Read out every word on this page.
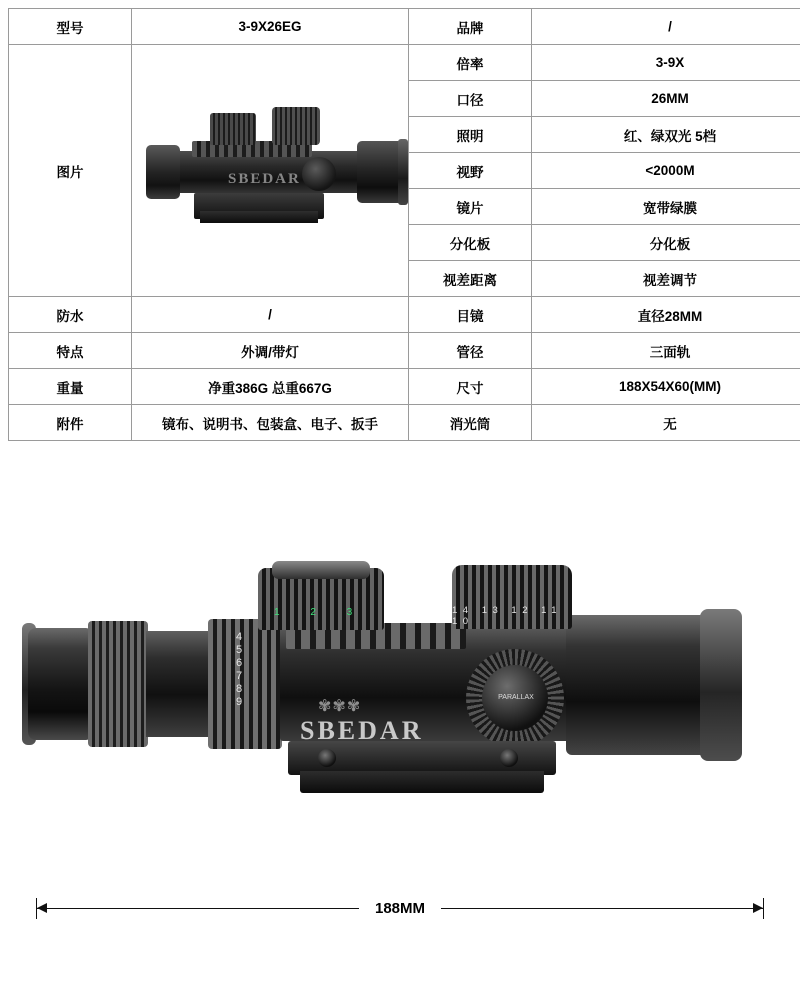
型号	3-9X26EG	品牌	/
图片	SBEDAR	倍率	3-9X
		口径	26MM
		照明	红、绿双光 5档
		视野	<2000M
		镜片	宽带绿膜
		分化板	分化板
		视差距离	视差调节
防水	/	目镜	直径28MM
特点	外调/带灯	管径	三面轨
重量	净重386G 总重667G	尺寸	188X54X60(MM)
附件	镜布、说明书、包装盒、电子、扳手	消光筒	无
4
5
6
7
8
9
1 2 3	14 13 12 11 10
PARALLAX
✾✾✾
SBEDAR
188MM
